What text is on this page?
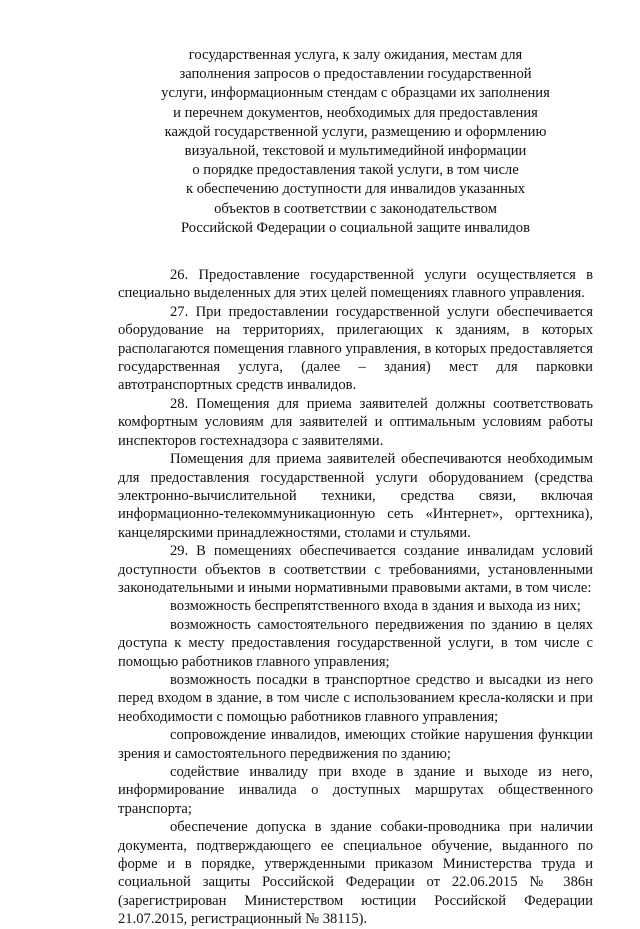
государственная услуга, к залу ожидания, местам для
заполнения запросов о предоставлении государственной
услуги, информационным стендам с образцами их заполнения
и перечнем документов, необходимых для предоставления
каждой государственной услуги, размещению и оформлению
визуальной, текстовой и мультимедийной информации
о порядке предоставления такой услуги, в том числе
к обеспечению доступности для инвалидов указанных
объектов в соответствии с законодательством
Российской Федерации о социальной защите инвалидов

26. Предоставление государственной услуги осуществляется в специально выделенных для этих целей помещениях главного управления.

27. При предоставлении государственной услуги обеспечивается оборудование на территориях, прилегающих к зданиям, в которых располагаются помещения главного управления, в которых предоставляется государственная услуга, (далее – здания) мест для парковки автотранспортных средств инвалидов.

28. Помещения для приема заявителей должны соответствовать комфортным условиям для заявителей и оптимальным условиям работы инспекторов гостехнадзора с заявителями.

Помещения для приема заявителей обеспечиваются необходимым для предоставления государственной услуги оборудованием (средства электронно-вычислительной техники, средства связи, включая информационно-телекоммуникационную сеть «Интернет», оргтехника), канцелярскими принадлежностями, столами и стульями.

29. В помещениях обеспечивается создание инвалидам условий доступности объектов в соответствии с требованиями, установленными законодательными и иными нормативными правовыми актами, в том числе:

возможность беспрепятственного входа в здания и выхода из них;

возможность самостоятельного передвижения по зданию в целях доступа к месту предоставления государственной услуги, в том числе с помощью работников главного управления;

возможность посадки в транспортное средство и высадки из него перед входом в здание, в том числе с использованием кресла-коляски и при необходимости с помощью работников главного управления;

сопровождение инвалидов, имеющих стойкие нарушения функции зрения и самостоятельного передвижения по зданию;

содействие инвалиду при входе в здание и выходе из него, информирование инвалида о доступных маршрутах общественного транспорта;

обеспечение допуска в здание собаки-проводника при наличии документа, подтверждающего ее специальное обучение, выданного по форме и в порядке, утвержденными приказом Министерства труда и социальной защиты Российской Федерации от 22.06.2015 № 386н (зарегистрирован Министерством юстиции Российской Федерации 21.07.2015, регистрационный № 38115).
